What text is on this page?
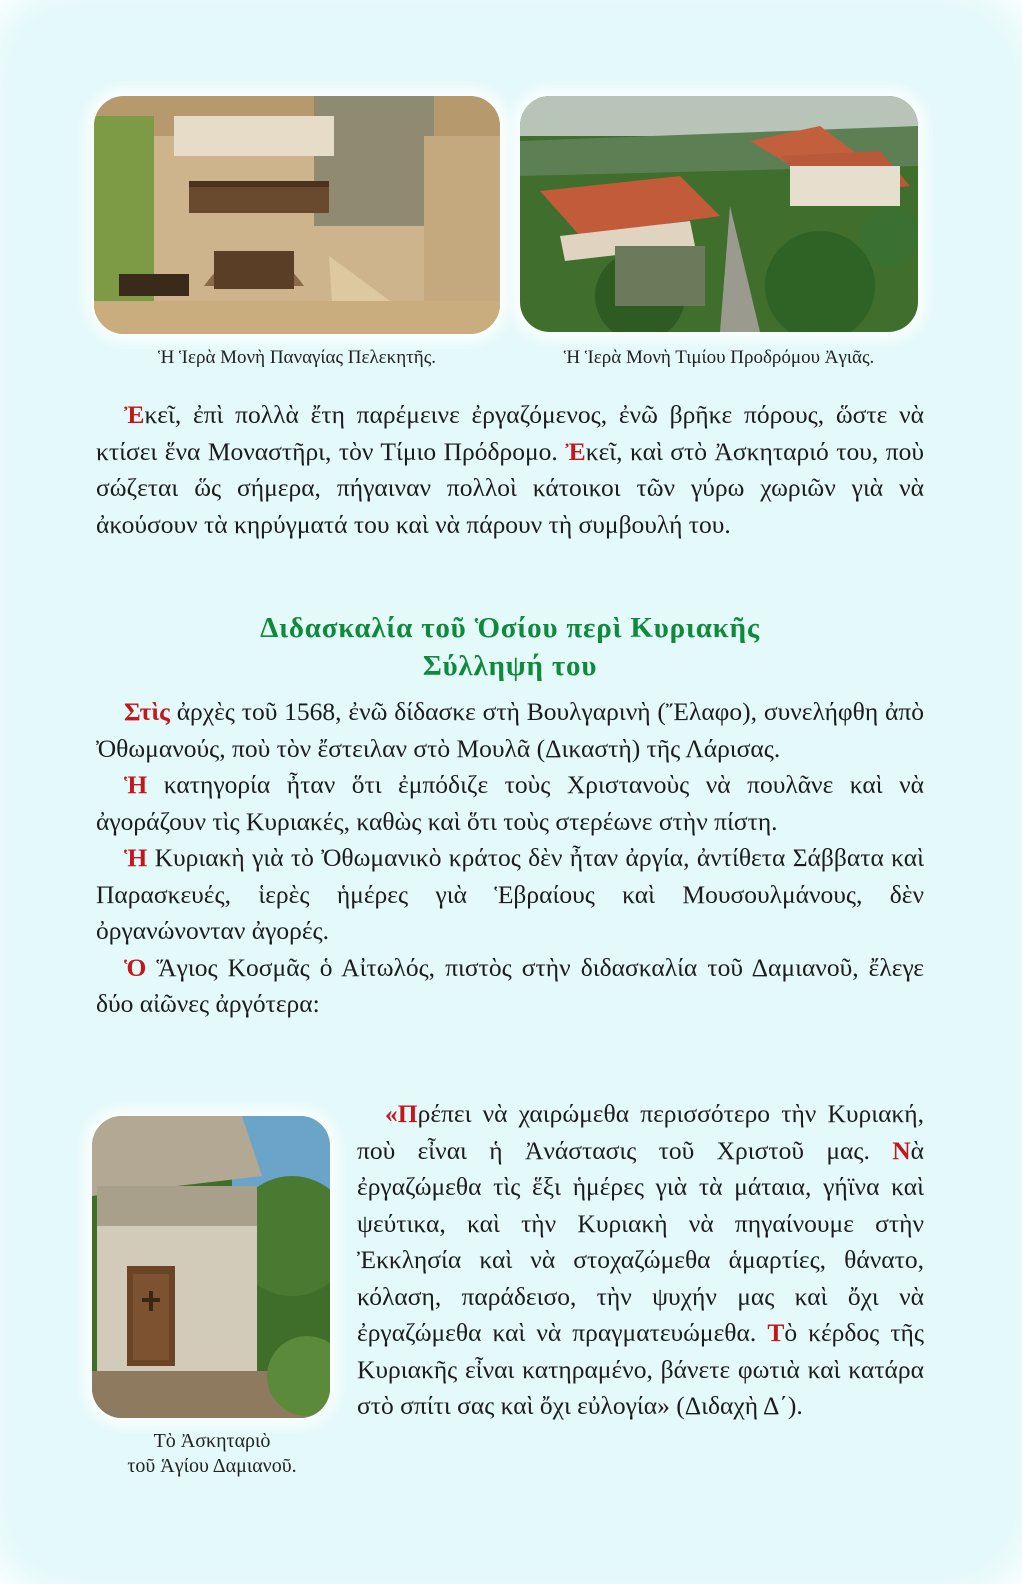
Ἡ Ἱερὰ Μονὴ Παναγίας Πελεκητῆς.	Ἡ Ἱερὰ Μονὴ Τιμίου Προδρόμου Ἀγιᾶς.

Ἐκεῖ, ἐπὶ πολλὰ ἔτη παρέμεινε ἐργαζόμενος, ἐνῶ βρῆκε πόρους, ὥστε νὰ κτίσει ἕνα Μοναστῆρι, τὸν Τίμιο Πρόδρομο. Ἐκεῖ, καὶ στὸ Ἀσκηταριό του, ποὺ σώζεται ὥς σήμερα, πήγαιναν πολλοὶ κάτοικοι τῶν γύρω χωριῶν γιὰ νὰ ἀκούσουν τὰ κηρύγματά του καὶ νὰ πάρουν τὴ συμβουλή του.

Διδασκαλία τοῦ Ὁσίου περὶ Κυριακῆς
Σύλληψή του

Στὶς ἀρχὲς τοῦ 1568, ἐνῶ δίδασκε στὴ Βουλγαρινὴ (Ἔλαφο), συνελήφθη ἀπὸ Ὀθωμανούς, ποὺ τὸν ἔστειλαν στὸ Μουλᾶ (Δικαστὴ) τῆς Λάρισας.

Ἡ κατηγορία ἦταν ὅτι ἐμπόδιζε τοὺς Χριστανοὺς νὰ πουλᾶνε καὶ νὰ ἀγοράζουν τὶς Κυριακές, καθὼς καὶ ὅτι τοὺς στερέωνε στὴν πίστη.

Ἡ Κυριακὴ γιὰ τὸ Ὀθωμανικὸ κράτος δὲν ἦταν ἀργία, ἀντίθετα Σάββατα καὶ Παρασκευές, ἱερὲς ἡμέρες γιὰ Ἑβραίους καὶ Μουσουλμάνους, δὲν ὀργανώνονταν ἀγορές.

Ὁ Ἅγιος Κοσμᾶς ὁ Αἰτωλός, πιστὸς στὴν διδασκαλία τοῦ Δαμιανοῦ, ἔλεγε δύο αἰῶνες ἀργότερα:

Τὸ Ἀσκηταριὸ
τοῦ Ἁγίου Δαμιανοῦ.

«Πρέπει νὰ χαιρώμεθα περισσότερο τὴν Κυριακή, ποὺ εἶναι ἡ Ἀνάστασις τοῦ Χριστοῦ μας. Νὰ ἐργαζώμεθα τὶς ἕξι ἡμέρες γιὰ τὰ μάταια, γήϊνα καὶ ψεύτικα, καὶ τὴν Κυριακὴ νὰ πηγαίνουμε στὴν Ἐκκλησία καὶ νὰ στοχαζώμεθα ἁμαρτίες, θάνατο, κόλαση, παράδεισο, τὴν ψυχήν μας καὶ ὄχι νὰ ἐργαζώμεθα καὶ νὰ πραγματευώμεθα. Τὸ κέρδος τῆς Κυριακῆς εἶναι κατηραμένο, βάνετε φωτιὰ καὶ κατάρα στὸ σπίτι σας καὶ ὄχι εὐλογία» (Διδαχὴ Δ΄).
